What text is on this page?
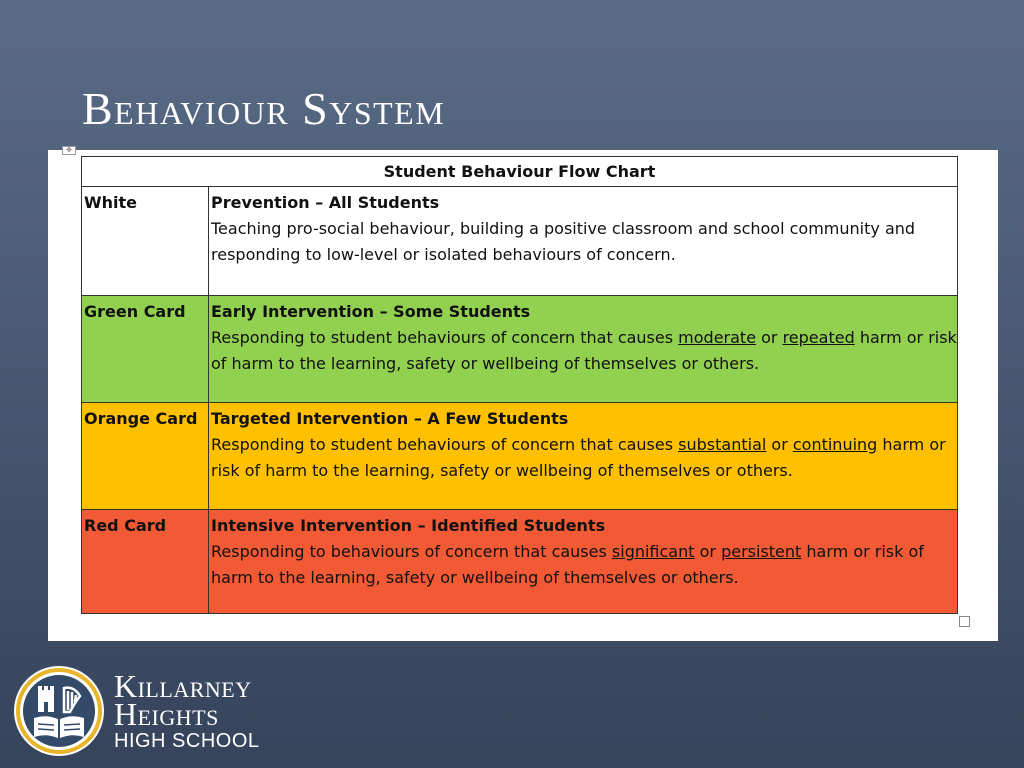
Behaviour System
✥
Student Behaviour Flow Chart	
White	Prevention – All Students
Teaching pro-social behaviour, building a positive classroom and school community and responding to low-level or isolated behaviours of concern.

Green Card	Early Intervention – Some Students
Responding to student behaviours of concern that causes moderate or repeated harm or risk of harm to the learning, safety or wellbeing of themselves or others.

Orange Card	Targeted Intervention – A Few Students
Responding to student behaviours of concern that causes substantial or continuing harm or risk of harm to the learning, safety or wellbeing of themselves or others.

Red Card	Intensive Intervention – Identified Students
Responding to behaviours of concern that causes significant or persistent harm or risk of harm to the learning, safety or wellbeing of themselves or others.
Killarney
Heights
HIGH SCHOOL
